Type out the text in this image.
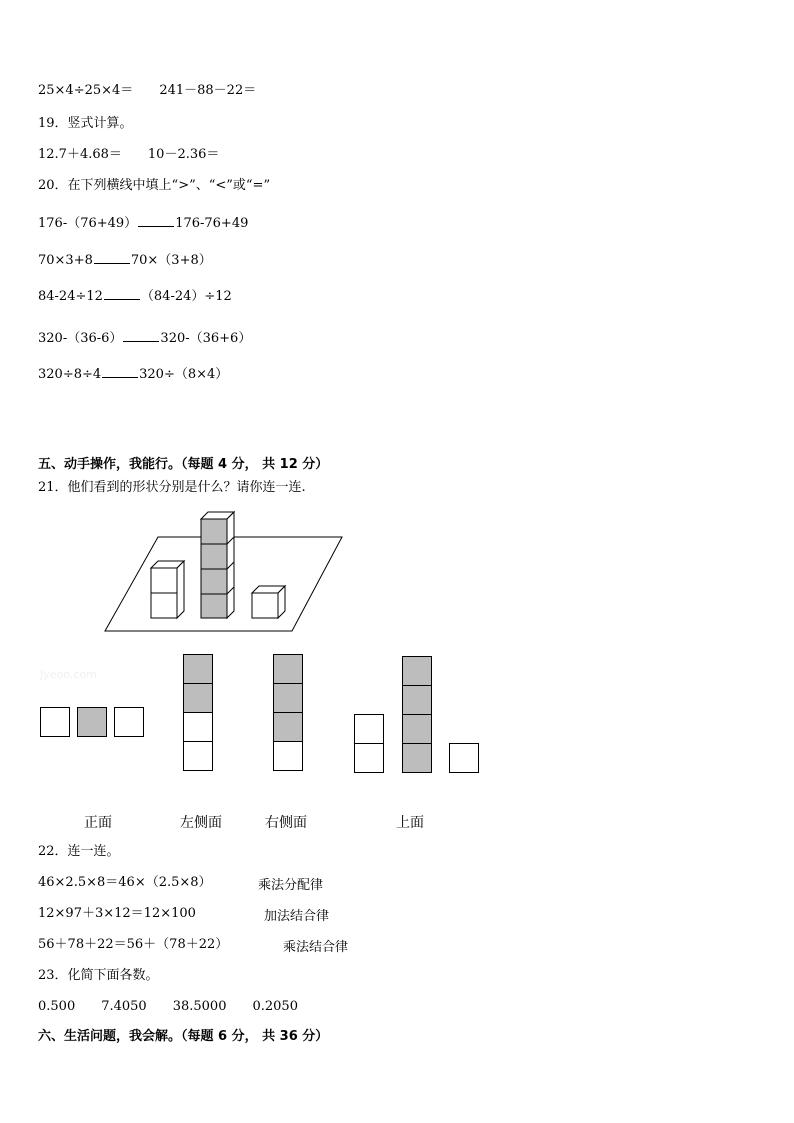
25×4÷25×4＝ 241－88－22＝
19．竖式计算。
12.7＋4.68＝ 10－2.36＝
20．在下列横线中填上“>”、“<”或“=”
176-（76+49）	176-76+49
70×3+8	70×（3+8）
84-24÷12	（84-24）÷12
320-（36-6）	320-（36+6）
320÷8÷4	320÷（8×4）
五、动手操作，我能行。（每题 4 分， 共 12 分）
21．他们看到的形状分别是什么？请你连一连.
Jyeoo.com
正面	左侧面	右侧面	上面
22．连一连。
46×2.5×8＝46×（2.5×8）	乘法分配律
12×97＋3×12＝12×100	加法结合律
56＋78＋22＝56＋（78＋22）	乘法结合律
23．化简下面各数。
0.500 7.4050 38.5000 0.2050
六、生活问题，我会解。（每题 6 分， 共 36 分）
